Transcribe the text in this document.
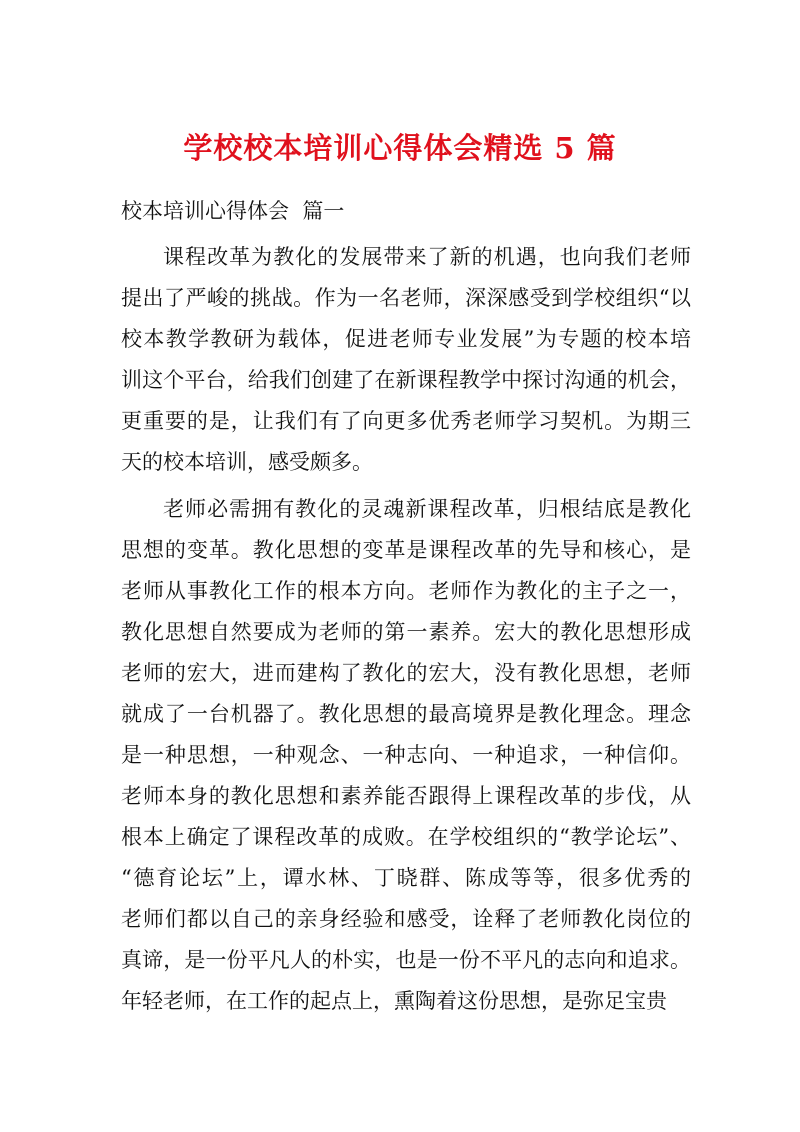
学校校本培训心得体会精选 5 篇
校本培训心得体会  篇一
课程改革为教化的发展带来了新的机遇，也向我们老师
提出了严峻的挑战。作为一名老师，深深感受到学校组织“以
校本教学教研为载体，促进老师专业发展”为专题的校本培
训这个平台，给我们创建了在新课程教学中探讨沟通的机会，
更重要的是，让我们有了向更多优秀老师学习契机。为期三
天的校本培训，感受颇多。
老师必需拥有教化的灵魂新课程改革，归根结底是教化
思想的变革。教化思想的变革是课程改革的先导和核心，是
老师从事教化工作的根本方向。老师作为教化的主子之一，
教化思想自然要成为老师的第一素养。宏大的教化思想形成
老师的宏大，进而建构了教化的宏大，没有教化思想，老师
就成了一台机器了。教化思想的最高境界是教化理念。理念
是一种思想，一种观念、一种志向、一种追求，一种信仰。
老师本身的教化思想和素养能否跟得上课程改革的步伐，从
根本上确定了课程改革的成败。在学校组织的“教学论坛”、
“德育论坛”上，谭水林、丁晓群、陈成等等，很多优秀的
老师们都以自己的亲身经验和感受，诠释了老师教化岗位的
真谛，是一份平凡人的朴实，也是一份不平凡的志向和追求。
年轻老师，在工作的起点上，熏陶着这份思想，是弥足宝贵
